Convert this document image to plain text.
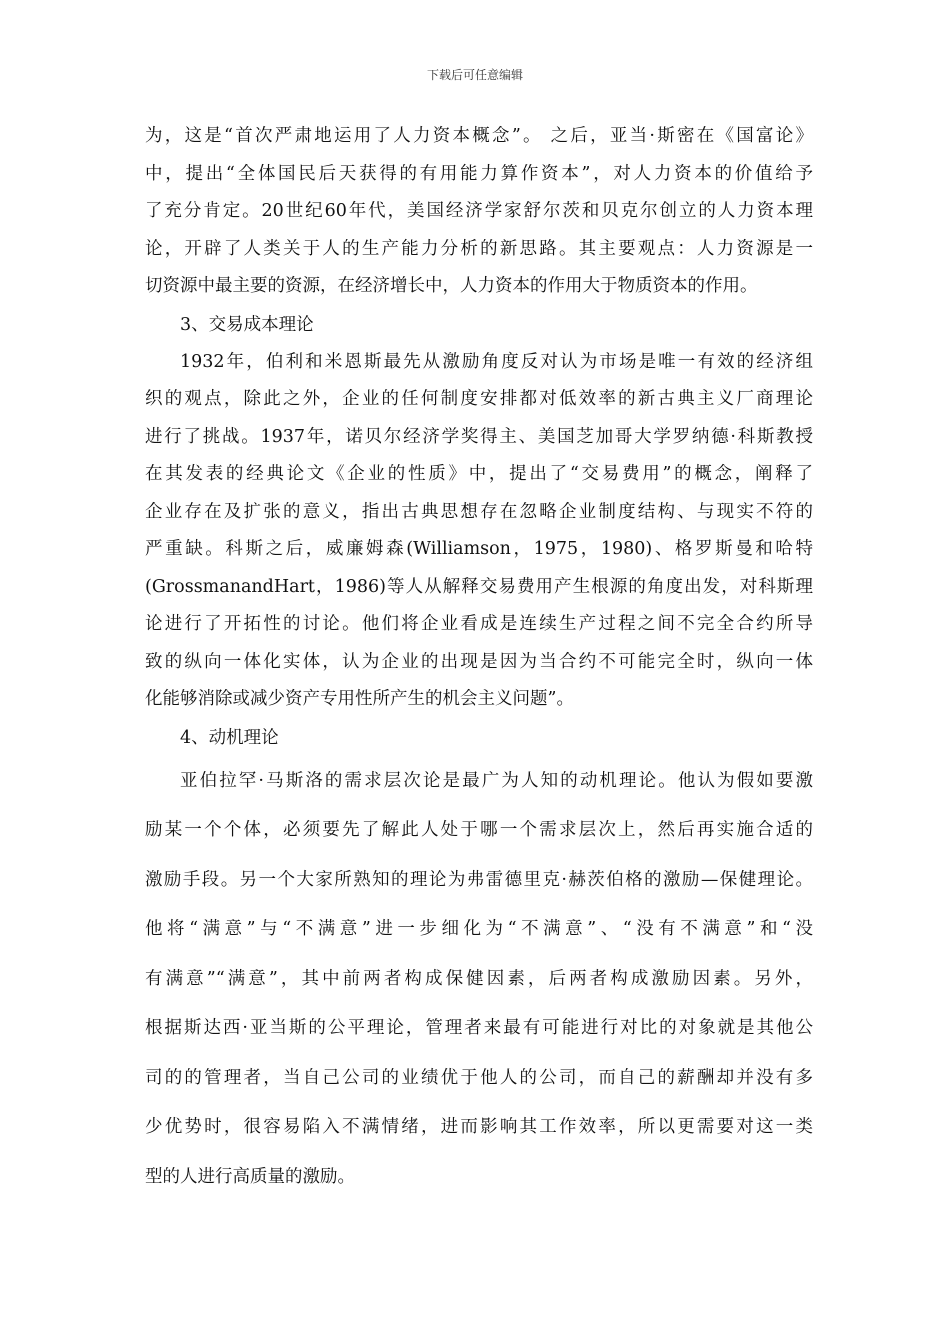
下载后可任意编辑
为，这是“首次严肃地运用了人力资本概念”。 之后，亚当·斯密在《国富论》
中，提出“全体国民后天获得的有用能力算作资本”，对人力资本的价值给予
了充分肯定。20世纪60年代，美国经济学家舒尔茨和贝克尔创立的人力资本理
论，开辟了人类关于人的生产能力分析的新思路。其主要观点：人力资源是一
切资源中最主要的资源，在经济增长中，人力资本的作用大于物质资本的作用。
3、交易成本理论
1932年，伯利和米恩斯最先从激励角度反对认为市场是唯一有效的经济组
织的观点，除此之外，企业的任何制度安排都对低效率的新古典主义厂商理论
进行了挑战。1937年，诺贝尔经济学奖得主、美国芝加哥大学罗纳德·科斯教授
在其发表的经典论文《企业的性质》中，提出了“交易费用”的概念，阐释了
企业存在及扩张的意义，指出古典思想存在忽略企业制度结构、与现实不符的
严重缺。科斯之后，威廉姆森(Williamson，1975，1980)、格罗斯曼和哈特
(GrossmanandHart，1986)等人从解释交易费用产生根源的角度出发，对科斯理
论进行了开拓性的讨论。他们将企业看成是连续生产过程之间不完全合约所导
致的纵向一体化实体，认为企业的出现是因为当合约不可能完全时，纵向一体
化能够消除或减少资产专用性所产生的机会主义问题”。
4、动机理论
亚伯拉罕·马斯洛的需求层次论是最广为人知的动机理论。他认为假如要激
励某一个个体，必须要先了解此人处于哪一个需求层次上，然后再实施合适的
激励手段。另一个大家所熟知的理论为弗雷德里克·赫茨伯格的激励—保健理论。
他将“满意”与“不满意”进一步细化为“不满意”、“没有不满意”和“没
有满意”“满意”，其中前两者构成保健因素，后两者构成激励因素。另外，
根据斯达西·亚当斯的公平理论，管理者来最有可能进行对比的对象就是其他公
司的的管理者，当自己公司的业绩优于他人的公司，而自己的薪酬却并没有多
少优势时，很容易陷入不满情绪，进而影响其工作效率，所以更需要对这一类
型的人进行高质量的激励。
